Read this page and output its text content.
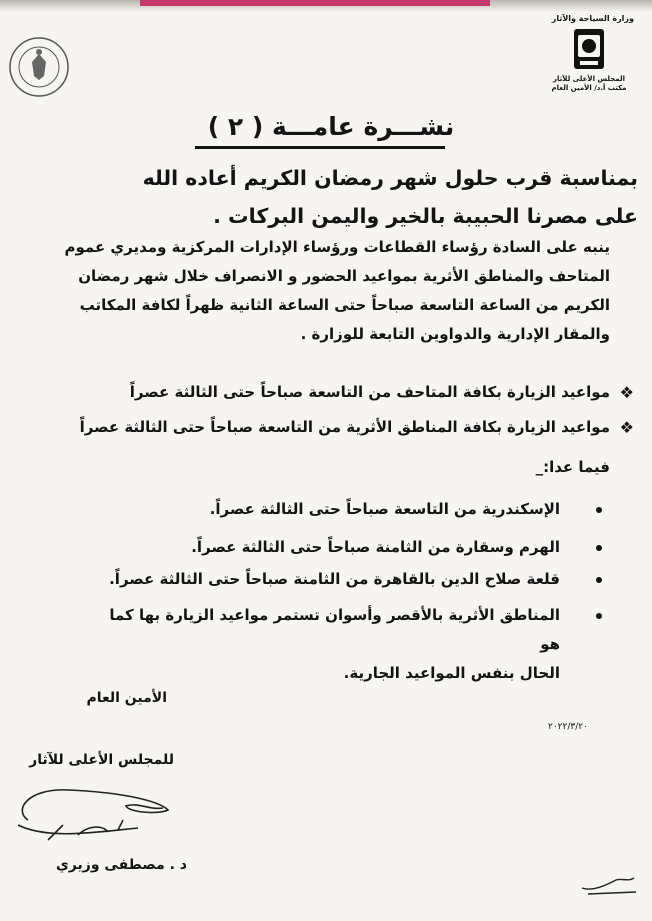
وزارة السياحة والآثار
المجلس الأعلى للآثار
مكتب أ.د/ الأمين العام
نشـــرة عامـــة ( ٢ )
بمناسبة قرب حلول شهر رمضان الكريم أعاده الله
على مصرنا الحبيبة بالخير واليمن البركات .
ينبه على السادة رؤساء القطاعات ورؤساء الإدارات المركزية ومديري عموم
المتاحف والمناطق الأثرية بمواعيد الحضور و الانصراف خلال شهر رمضان
الكريم من الساعة التاسعة صباحاً حتى الساعة الثانية ظهراً لكافة المكاتب
والمقار الإدارية والدواوين التابعة للوزارة .
❖
مواعيد الزيارة بكافة المتاحف من التاسعة صباحاً حتى الثالثة عصراً
❖
مواعيد الزيارة بكافة المناطق الأثرية من التاسعة صباحاً حتى الثالثة عصراً
فيما عدا:_
الإسكندرية من التاسعة صباحاً حتى الثالثة عصراً.
الهرم وسقارة من الثامنة صباحاً حتى الثالثة عصراً.
قلعة صلاح الدين بالقاهرة من الثامنة صباحاً حتى الثالثة عصراً.
المناطق الأثرية بالأقصر وأسوان تستمر مواعيد الزيارة بها كما هو
الحال بنفس المواعيد الجارية.
الأمين العام
٢٠٢٢/٣/٢٠
للمجلس الأعلى للآثار
د . مصطفى وزيري
